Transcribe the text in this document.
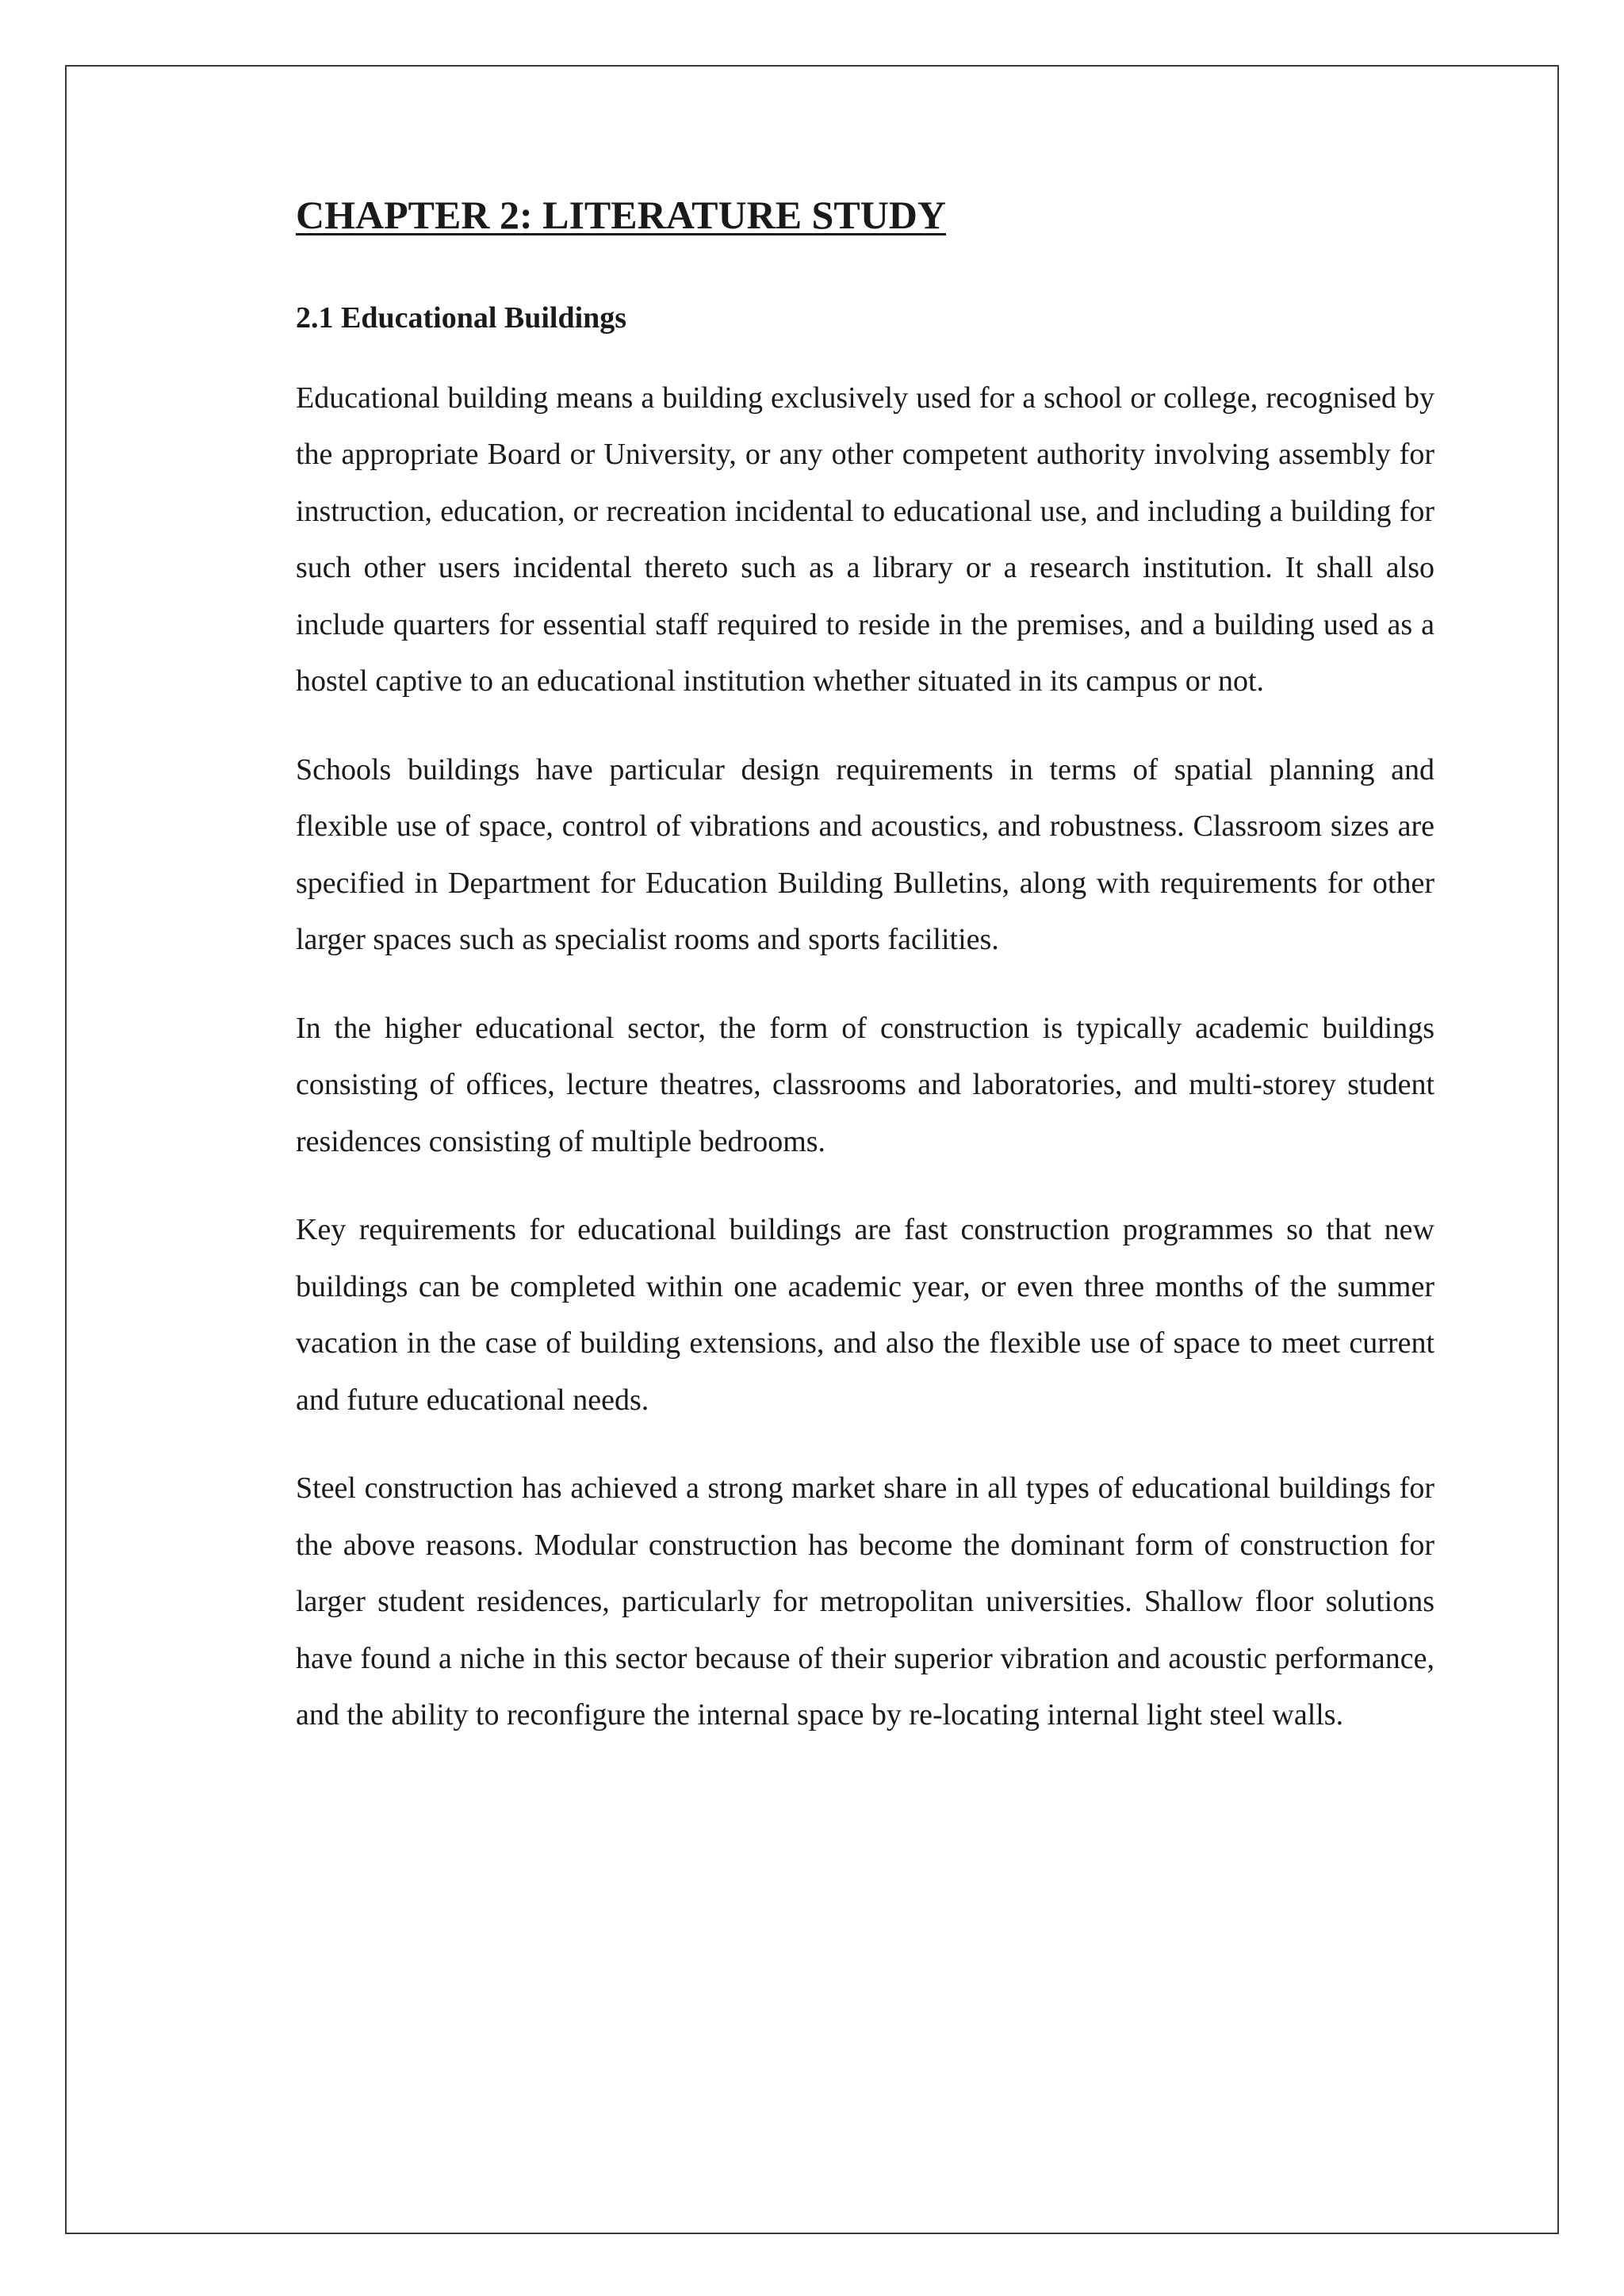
CHAPTER 2: LITERATURE STUDY
2.1 Educational Buildings

Educational building means a building exclusively used for a school or college, recognised by the appropriate Board or University, or any other competent authority involving assembly for instruction, education, or recreation incidental to educational use, and including a building for such other users incidental thereto such as a library or a research institution. It shall also include quarters for essential staff required to reside in the premises, and a building used as a hostel captive to an educational institution whether situated in its campus or not.

Schools buildings have particular design requirements in terms of spatial planning and flexible use of space, control of vibrations and acoustics, and robustness. Classroom sizes are specified in Department for Education Building Bulletins, along with requirements for other larger spaces such as specialist rooms and sports facilities.

In the higher educational sector, the form of construction is typically academic buildings consisting of offices, lecture theatres, classrooms and laboratories, and multi-storey student residences consisting of multiple bedrooms.

Key requirements for educational buildings are fast construction programmes so that new buildings can be completed within one academic year, or even three months of the summer vacation in the case of building extensions, and also the flexible use of space to meet current and future educational needs.

Steel construction has achieved a strong market share in all types of educational buildings for the above reasons. Modular construction has become the dominant form of construction for larger student residences, particularly for metropolitan universities. Shallow floor solutions have found a niche in this sector because of their superior vibration and acoustic performance, and the ability to reconfigure the internal space by re-locating internal light steel walls.
